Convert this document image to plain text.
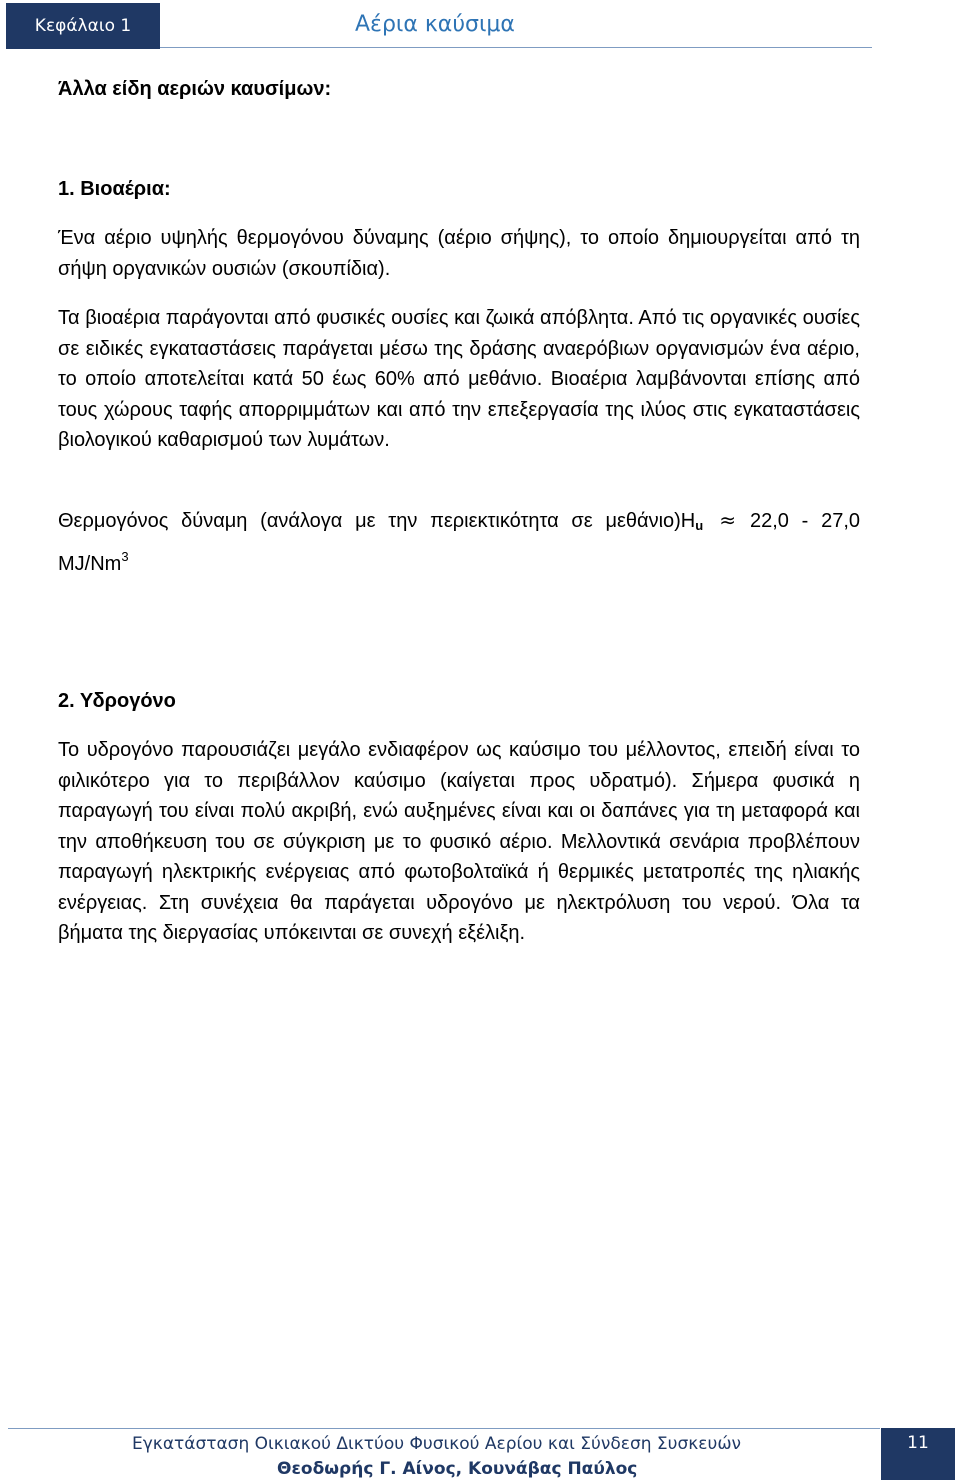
Κεφάλαιο 1	Αέρια καύσιμα
Άλλα είδη αεριών καυσίμων:
1. Βιοαέρια:

Ένα αέριο υψηλής θερμογόνου δύναμης (αέριο σήψης), το οποίο δημιουργείται από τη σήψη οργανικών ουσιών (σκουπίδια).

Τα βιοαέρια παράγονται από φυσικές ουσίες και ζωικά απόβλητα. Από τις οργανικές ουσίες σε ειδικές εγκαταστάσεις παράγεται μέσω της δράσης αναερόβιων οργανισμών ένα αέριο, το οποίο αποτελείται κατά 50 έως 60% από μεθάνιο. Βιοαέρια λαμβάνονται επίσης από τους χώρους ταφής απορριμμάτων και από την επεξεργασία της ιλύος στις εγκαταστάσεις βιολογικού καθαρισμού των λυμάτων.

Θερμογόνος δύναμη (ανάλογα με την περιεκτικότητα σε $\mu\varepsilon\theta ά\nu\iota o)H_u \approx 22,0 - 27,0$ MJ/Nm$^3$

2. Υδρογόνο

Το υδρογόνο παρουσιάζει μεγάλο ενδιαφέρον ως καύσιμο του μέλλοντος, επειδή είναι το φιλικότερο για το περιβάλλον καύσιμο (καίγεται προς υδρατμό). Σήμερα φυσικά η παραγωγή του είναι πολύ ακριβή, ενώ αυξημένες είναι και οι δαπάνες για τη μεταφορά και την αποθήκευση του σε σύγκριση με το φυσικό αέριο. Μελλοντικά σενάρια προβλέπουν παραγωγή ηλεκτρικής ενέργειας από φωτοβολταϊκά ή θερμικές μετατροπές της ηλιακής ενέργειας. Στη συνέχεια θα παράγεται υδρογόνο με ηλεκτρόλυση του νερού. Όλα τα βήματα της διεργασίας υπόκεινται σε συνεχή εξέλιξη.

Εγκατάσταση Οικιακού Δικτύου Φυσικού Αερίου και Σύνδεση Συσκευών
Θεοδωρής Γ. Αίνος, Κουνάβας Παύλος
11
